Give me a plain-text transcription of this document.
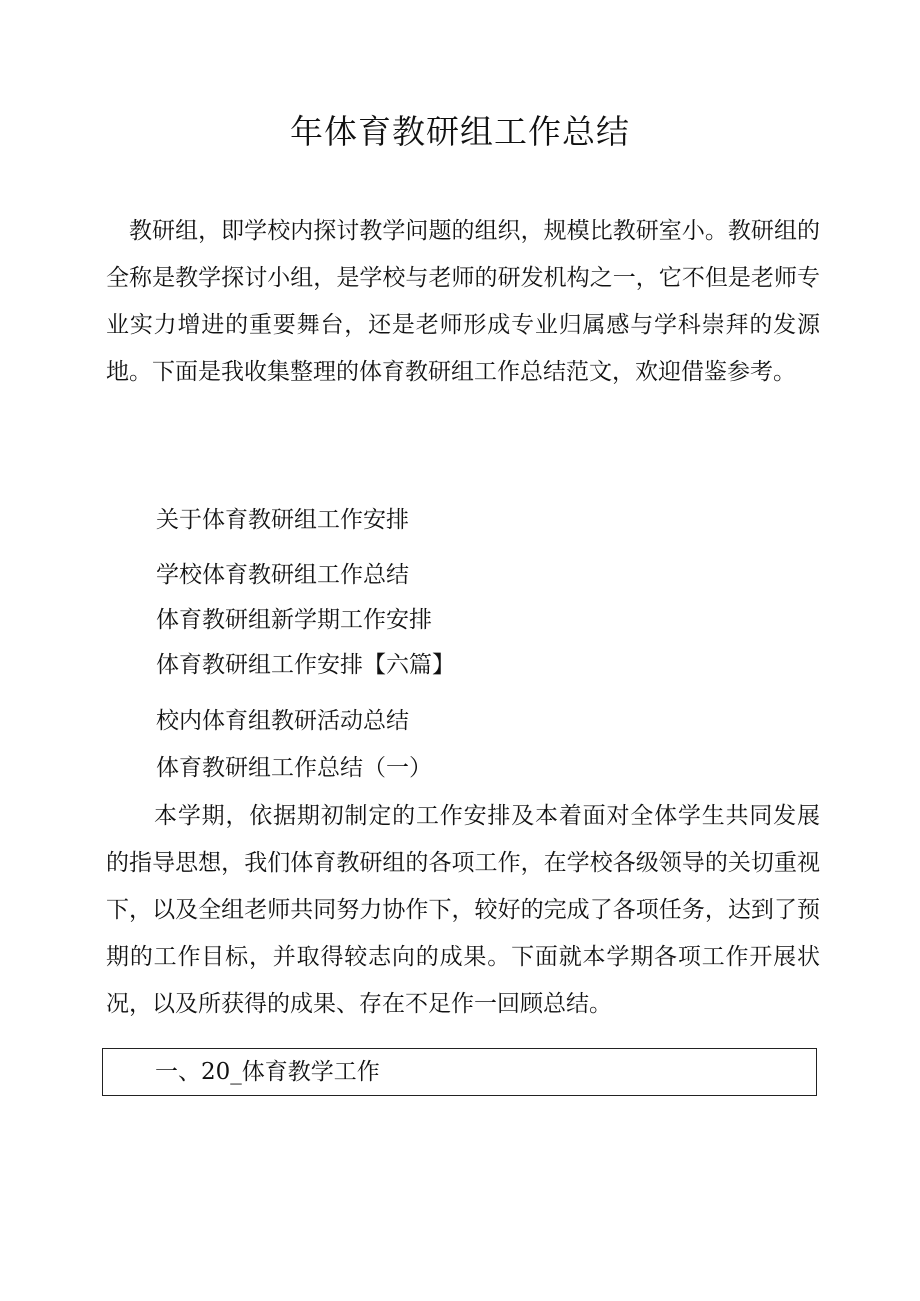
年体育教研组工作总结

教研组，即学校内探讨教学问题的组织，规模比教研室小。教研组的全称是教学探讨小组，是学校与老师的研发机构之一，它不但是老师专业实力增进的重要舞台，还是老师形成专业归属感与学科崇拜的发源地。下面是我收集整理的体育教研组工作总结范文，欢迎借鉴参考。

关于体育教研组工作安排
学校体育教研组工作总结
体育教研组新学期工作安排
体育教研组工作安排【六篇】
校内体育组教研活动总结
体育教研组工作总结（一）

本学期，依据期初制定的工作安排及本着面对全体学生共同发展的指导思想，我们体育教研组的各项工作，在学校各级领导的关切重视下，以及全组老师共同努力协作下，较好的完成了各项任务，达到了预期的工作目标，并取得较志向的成果。下面就本学期各项工作开展状况，以及所获得的成果、存在不足作一回顾总结。

一、20_体育教学工作
